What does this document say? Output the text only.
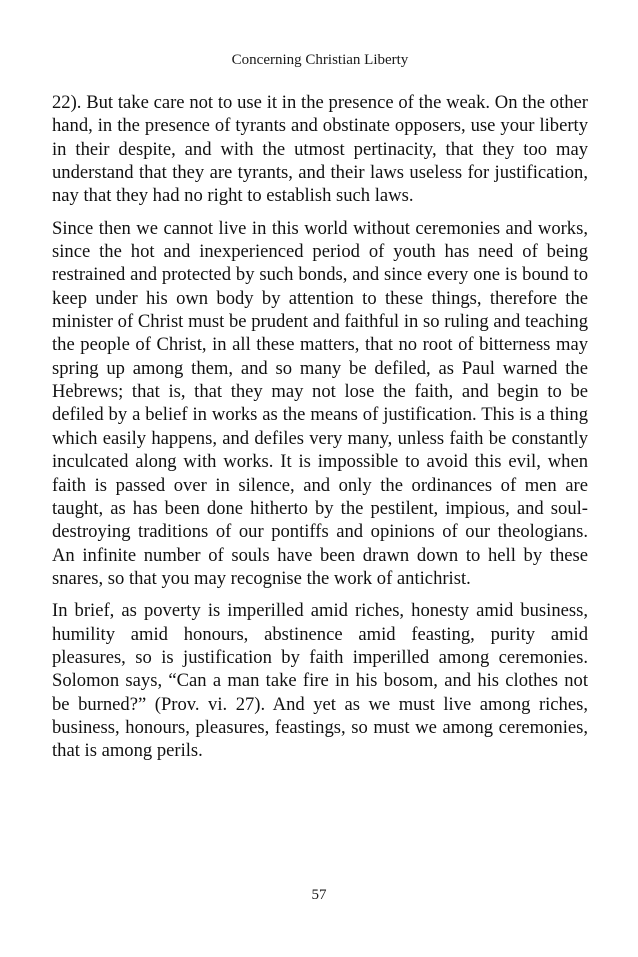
Concerning Christian Liberty

22). But take care not to use it in the presence of the weak. On the other hand, in the presence of tyrants and obstinate opposers, use your liberty in their despite, and with the utmost pertinacity, that they too may understand that they are tyrants, and their laws useless for justification, nay that they had no right to establish such laws.

Since then we cannot live in this world without ceremonies and works, since the hot and inexperienced period of youth has need of being restrained and protected by such bonds, and since every one is bound to keep under his own body by attention to these things, therefore the minister of Christ must be prudent and faithful in so ruling and teaching the people of Christ, in all these matters, that no root of bitterness may spring up among them, and so many be defiled, as Paul warned the Hebrews; that is, that they may not lose the faith, and begin to be defiled by a belief in works as the means of justification. This is a thing which easily happens, and defiles very many, unless faith be constantly inculcated along with works. It is impossible to avoid this evil, when faith is passed over in silence, and only the ordinances of men are taught, as has been done hitherto by the pestilent, impious, and soul-destroying traditions of our pontiffs and opinions of our theologians. An infinite number of souls have been drawn down to hell by these snares, so that you may recognise the work of antichrist.

In brief, as poverty is imperilled amid riches, honesty amid business, humility amid honours, abstinence amid feasting, purity amid pleasures, so is justification by faith imperilled among ceremonies. Solomon says, “Can a man take fire in his bosom, and his clothes not be burned?” (Prov. vi. 27). And yet as we must live among riches, business, honours, pleasures, feastings, so must we among ceremonies, that is among perils.

57
